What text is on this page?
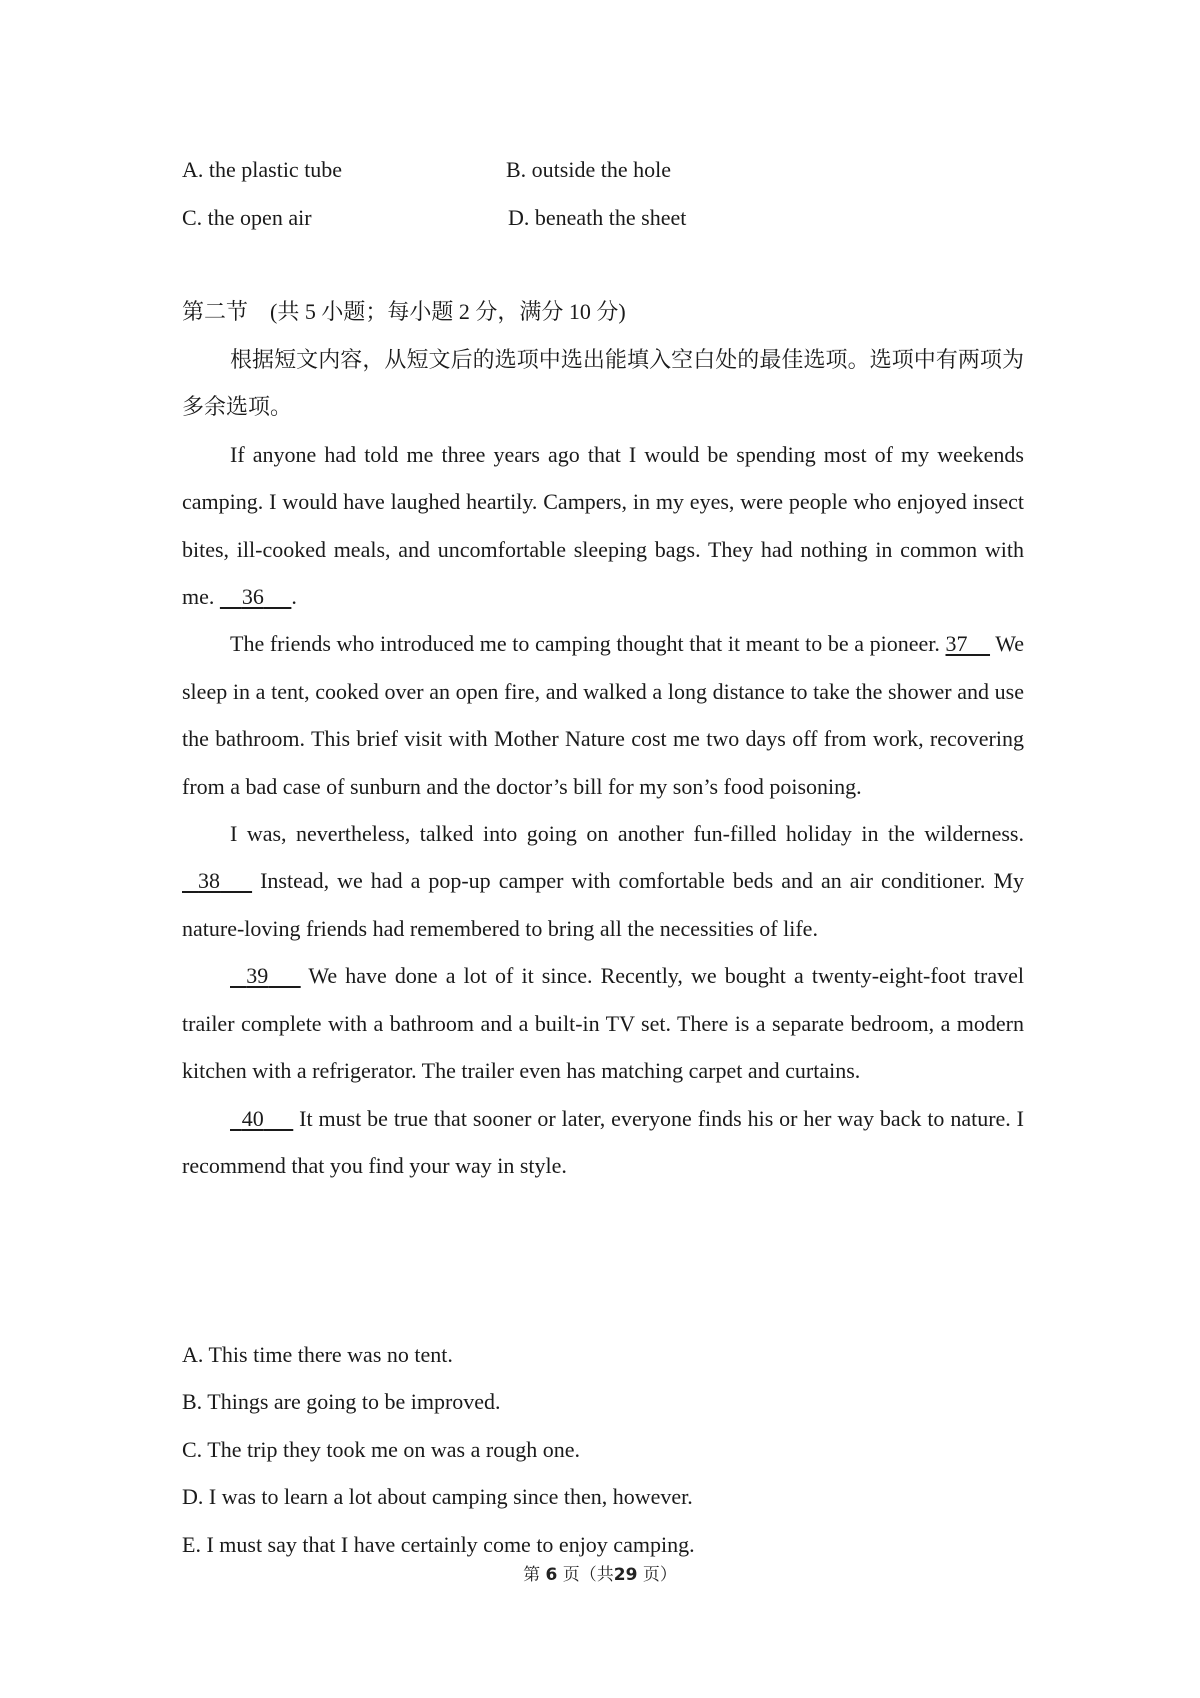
A. the plastic tube	B. outside the hole
C. the open air	D. beneath the sheet
第二节　(共 5 小题；每小题 2 分，满分 10 分)

根据短文内容，从短文后的选项中选出能填入空白处的最佳选项。选项中有两项为多余选项。

If anyone had told me three years ago that I would be spending most of my weekends camping. I would have laughed heartily. Campers, in my eyes, were people who enjoyed insect bites, ill-cooked meals, and uncomfortable sleeping bags. They had nothing in common with me. 36 .

The friends who introduced me to camping thought that it meant to be a pioneer. 37 We sleep in a tent, cooked over an open fire, and walked a long distance to take the shower and use the bathroom. This brief visit with Mother Nature cost me two days off from work, recovering from a bad case of sunburn and the doctor’s bill for my son’s food poisoning.

I was, nevertheless, talked into going on another fun-filled holiday in the wilderness.   38 Instead, we had a pop-up camper with comfortable beds and an air conditioner. My nature-loving friends had remembered to bring all the necessities of life.

39 We have done a lot of it since. Recently, we bought a twenty-eight-foot travel trailer complete with a bathroom and a built-in TV set. There is a separate bedroom, a modern kitchen with a refrigerator. The trailer even has matching carpet and curtains.

40 It must be true that sooner or later, everyone finds his or her way back to nature. I recommend that you find your way in style.

A. This time there was no tent.
B. Things are going to be improved.
C. The trip they took me on was a rough one.
D. I was to learn a lot about camping since then, however.
E. I must say that I have certainly come to enjoy camping.
第 6 页（共29 页）
